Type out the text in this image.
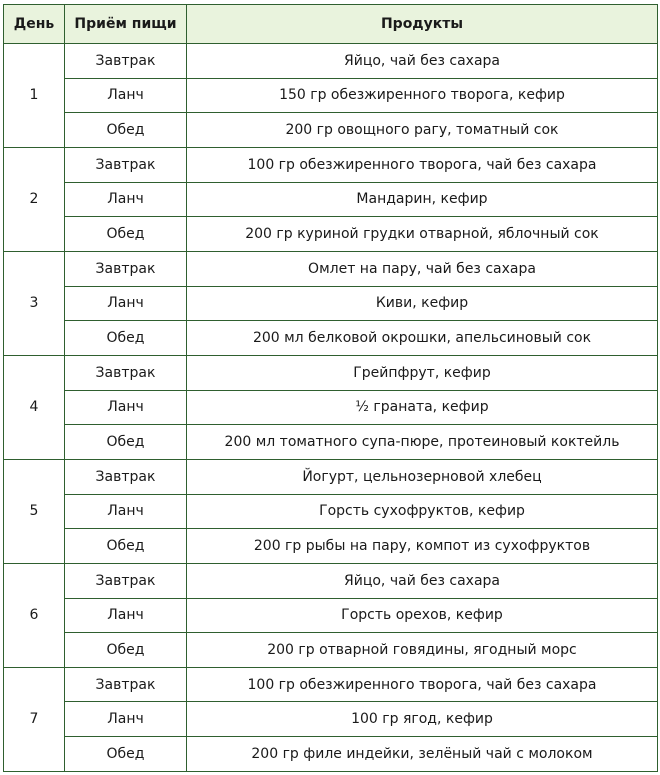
День	Приём пищи	Продукты
1	Завтрак	Яйцо, чай без сахара
	Ланч	150 гр обезжиренного творога, кефир
	Обед	200 гр овощного рагу, томатный сок
2	Завтрак	100 гр обезжиренного творога, чай без сахара
	Ланч	Мандарин, кефир
	Обед	200 гр куриной грудки отварной, яблочный сок
3	Завтрак	Омлет на пару, чай без сахара
	Ланч	Киви, кефир
	Обед	200 мл белковой окрошки, апельсиновый сок
4	Завтрак	Грейпфрут, кефир
	Ланч	½ граната, кефир
	Обед	200 мл томатного супа-пюре, протеиновый коктейль
5	Завтрак	Йогурт, цельнозерновой хлебец
	Ланч	Горсть сухофруктов, кефир
	Обед	200 гр рыбы на пару, компот из сухофруктов
6	Завтрак	Яйцо, чай без сахара
	Ланч	Горсть орехов, кефир
	Обед	200 гр отварной говядины, ягодный морс
7	Завтрак	100 гр обезжиренного творога, чай без сахара
	Ланч	100 гр ягод, кефир
	Обед	200 гр филе индейки, зелёный чай с молоком
